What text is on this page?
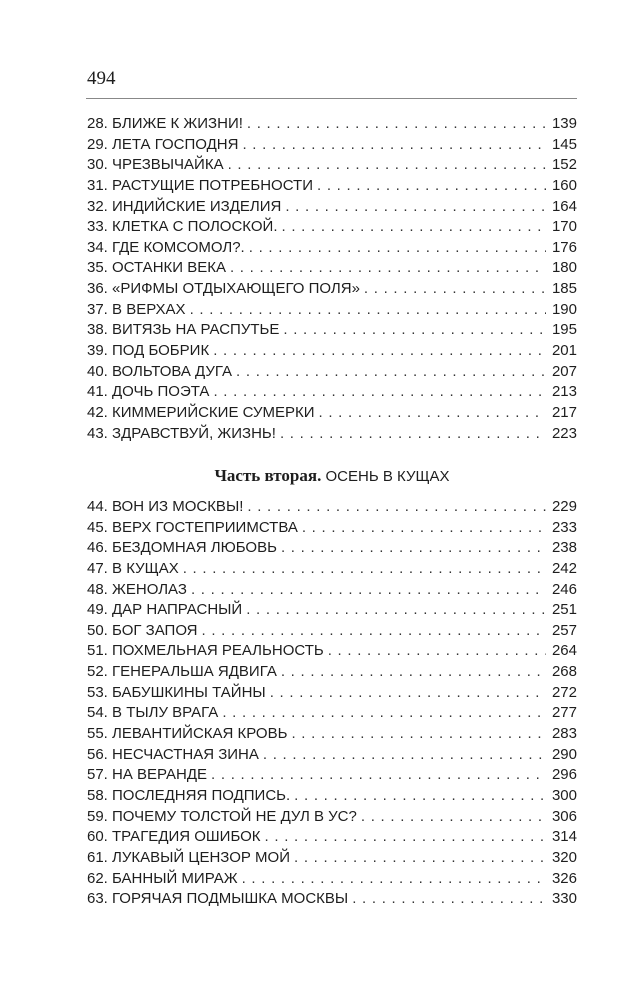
494
28. БЛИЖЕ К ЖИЗНИ! . . .	139
29. ЛЕТА ГОСПОДНЯ . . .	145
30. ЧРЕЗВЫЧАЙКА . . .	152
31. РАСТУЩИЕ ПОТРЕБНОСТИ . . .	160
32. ИНДИЙСКИЕ ИЗДЕЛИЯ . . .	164
33. КЛЕТКА С ПОЛОСКОЙ. . . .	170
34. ГДЕ КОМСОМОЛ?. . . .	176
35. ОСТАНКИ ВЕКА . . .	180
36. «РИФМЫ ОТДЫХАЮЩЕГО ПОЛЯ» . . .	185
37. В ВЕРХАХ . . .	190
38. ВИТЯЗЬ НА РАСПУТЬЕ . . .	195
39. ПОД БОБРИК . . .	201
40. ВОЛЬТОВА ДУГА . . .	207
41. ДОЧЬ ПОЭТА . . .	213
42. КИММЕРИЙСКИЕ СУМЕРКИ . . .	217
43. ЗДРАВСТВУЙ, ЖИЗНЬ! . . .	223
Часть вторая. ОСЕНЬ В КУЩАХ
44. ВОН ИЗ МОСКВЫ! . . .	229
45. ВЕРХ ГОСТЕПРИИМСТВА . . .	233
46. БЕЗДОМНАЯ ЛЮБОВЬ . . .	238
47. В КУЩАХ . . .	242
48. ЖЕНОЛАЗ . . .	246
49. ДАР НАПРАСНЫЙ . . .	251
50. БОГ ЗАПОЯ . . .	257
51. ПОХМЕЛЬНАЯ РЕАЛЬНОСТЬ . . .	264
52. ГЕНЕРАЛЬША ЯДВИГА . . .	268
53. БАБУШКИНЫ ТАЙНЫ . . .	272
54. В ТЫЛУ ВРАГА . . .	277
55. ЛЕВАНТИЙСКАЯ КРОВЬ . . .	283
56. НЕСЧАСТНАЯ ЗИНА . . .	290
57. НА ВЕРАНДЕ . . .	296
58. ПОСЛЕДНЯЯ ПОДПИСЬ. . . .	300
59. ПОЧЕМУ ТОЛСТОЙ НЕ ДУЛ В УС? . . .	306
60. ТРАГЕДИЯ ОШИБОК . . .	314
61. ЛУКАВЫЙ ЦЕНЗОР МОЙ . . .	320
62. БАННЫЙ МИРАЖ . . .	326
63. ГОРЯЧАЯ ПОДМЫШКА МОСКВЫ . . .	330
